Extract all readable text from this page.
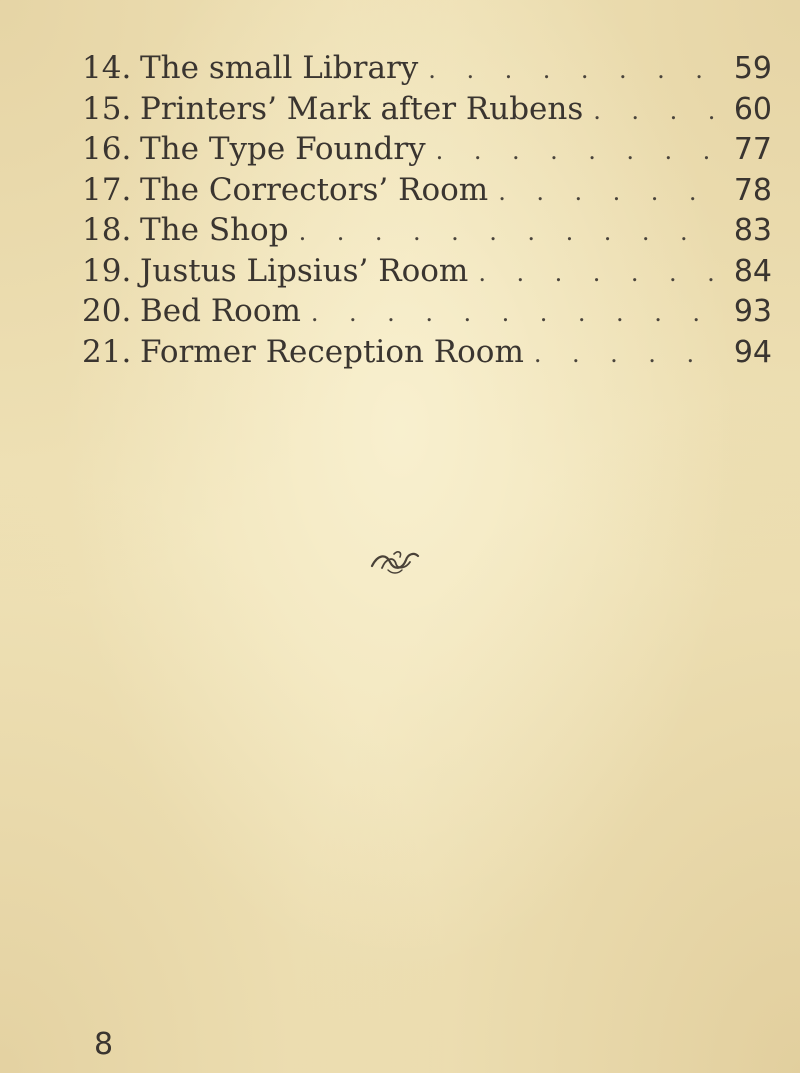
14. The small Library .	59
15. Printers’ Mark after Rubens .	60
16. The Type Foundry .	77
17. The Correctors’ Room .	78
18. The Shop .	83
19. Justus Lipsius’ Room .	84
20. Bed Room .	93
21. Former Reception Room .	94
8
